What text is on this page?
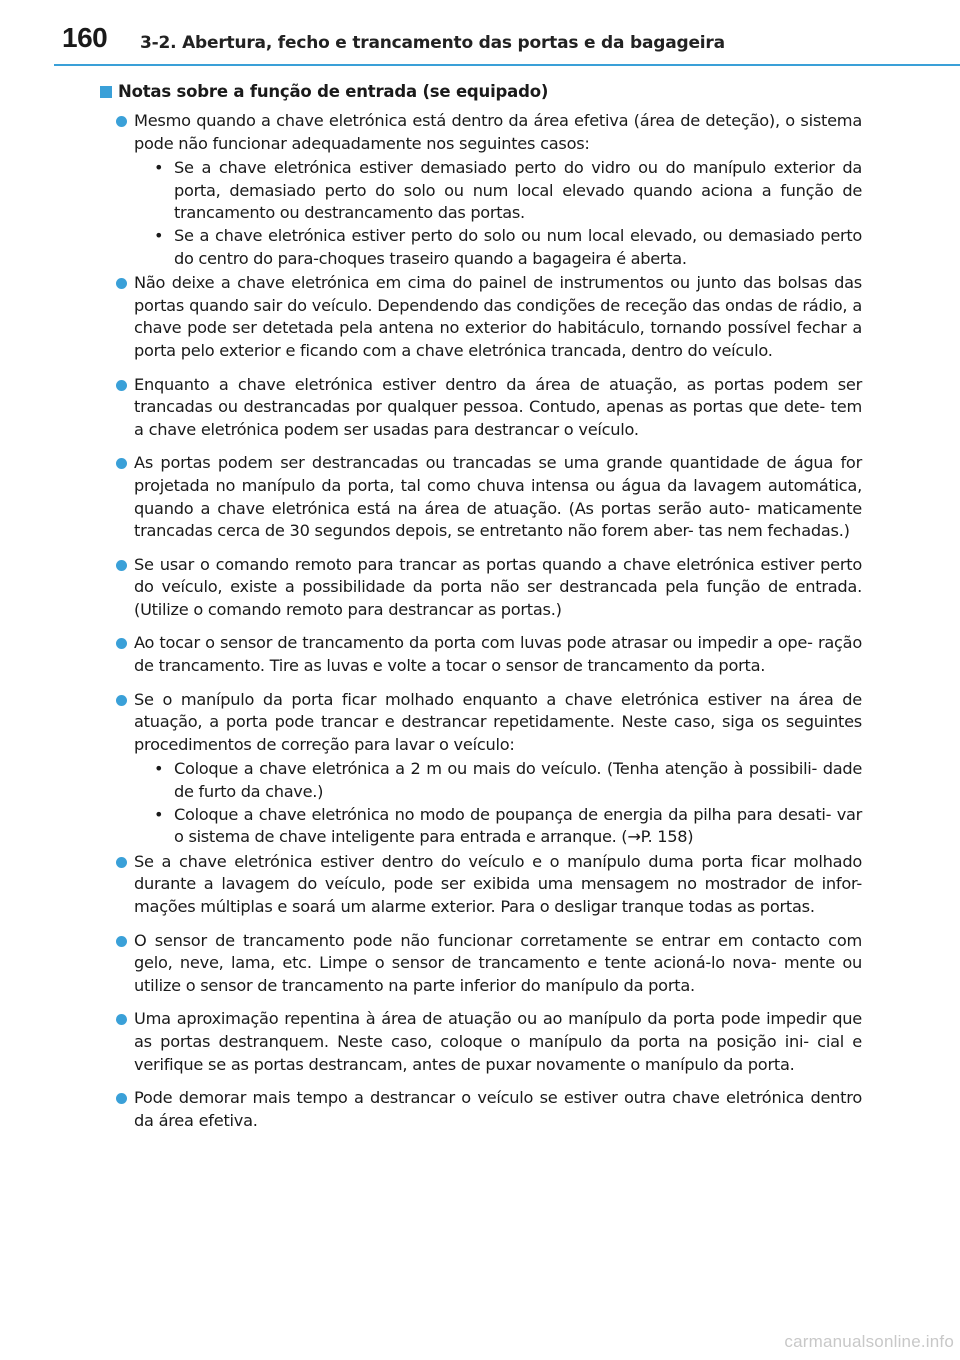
160 3-2. Abertura, fecho e trancamento das portas e da bagageira
Notas sobre a função de entrada (se equipado)
Mesmo quando a chave eletrónica está dentro da área efetiva (área de deteção), o sistema pode não funcionar adequadamente nos seguintes casos:
• Se a chave eletrónica estiver demasiado perto do vidro ou do manípulo exterior da porta, demasiado perto do solo ou num local elevado quando aciona a função de trancamento ou destrancamento das portas.
• Se a chave eletrónica estiver perto do solo ou num local elevado, ou demasiado perto do centro do para-choques traseiro quando a bagageira é aberta.
Não deixe a chave eletrónica em cima do painel de instrumentos ou junto das bolsas das portas quando sair do veículo. Dependendo das condições de receção das ondas de rádio, a chave pode ser detetada pela antena no exterior do habitáculo, tornando possível fechar a porta pelo exterior e ficando com a chave eletrónica trancada, dentro do veículo.
Enquanto a chave eletrónica estiver dentro da área de atuação, as portas podem ser trancadas ou destrancadas por qualquer pessoa. Contudo, apenas as portas que dete- tem a chave eletrónica podem ser usadas para destrancar o veículo.
As portas podem ser destrancadas ou trancadas se uma grande quantidade de água for projetada no manípulo da porta, tal como chuva intensa ou água da lavagem automática, quando a chave eletrónica está na área de atuação. (As portas serão auto- maticamente trancadas cerca de 30 segundos depois, se entretanto não forem aber- tas nem fechadas.)
Se usar o comando remoto para trancar as portas quando a chave eletrónica estiver perto do veículo, existe a possibilidade da porta não ser destrancada pela função de entrada. (Utilize o comando remoto para destrancar as portas.)
Ao tocar o sensor de trancamento da porta com luvas pode atrasar ou impedir a ope- ração de trancamento. Tire as luvas e volte a tocar o sensor de trancamento da porta.
Se o manípulo da porta ficar molhado enquanto a chave eletrónica estiver na área de atuação, a porta pode trancar e destrancar repetidamente. Neste caso, siga os seguintes procedimentos de correção para lavar o veículo:
• Coloque a chave eletrónica a 2 m ou mais do veículo. (Tenha atenção à possibili- dade de furto da chave.)
• Coloque a chave eletrónica no modo de poupança de energia da pilha para desati- var o sistema de chave inteligente para entrada e arranque. (→P. 158)
Se a chave eletrónica estiver dentro do veículo e o manípulo duma porta ficar molhado durante a lavagem do veículo, pode ser exibida uma mensagem no mostrador de infor- mações múltiplas e soará um alarme exterior. Para o desligar tranque todas as portas.
O sensor de trancamento pode não funcionar corretamente se entrar em contacto com gelo, neve, lama, etc. Limpe o sensor de trancamento e tente acioná-lo nova- mente ou utilize o sensor de trancamento na parte inferior do manípulo da porta.
Uma aproximação repentina à área de atuação ou ao manípulo da porta pode impedir que as portas destranquem. Neste caso, coloque o manípulo da porta na posição ini- cial e verifique se as portas destrancam, antes de puxar novamente o manípulo da porta.
Pode demorar mais tempo a destrancar o veículo se estiver outra chave eletrónica dentro da área efetiva.
carmanualsonline.info
